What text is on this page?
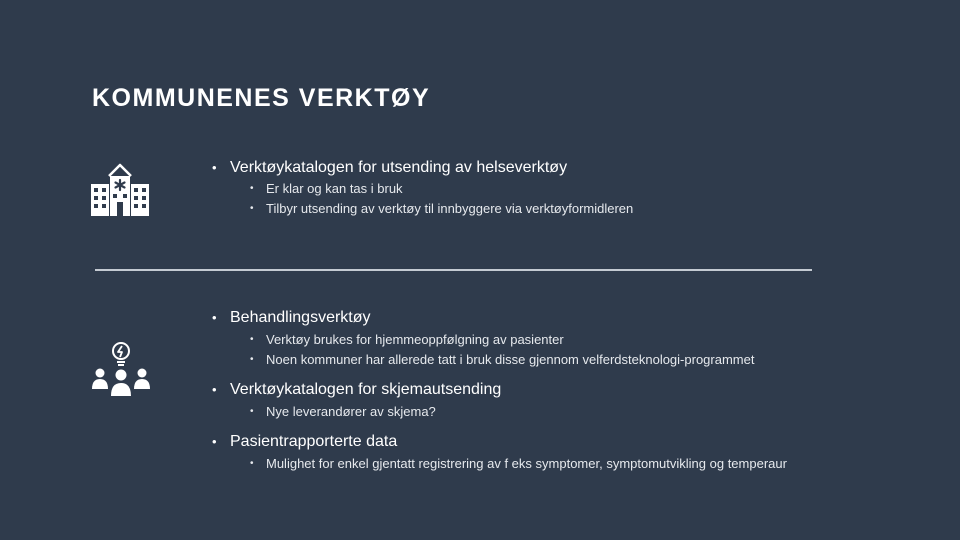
KOMMUNENES VERKTØY
• Verktøykatalogen for utsending av helseverktøy
• Er klar og kan tas i bruk
• Tilbyr utsending av verktøy til innbyggere via verktøyformidleren
• Behandlingsverktøy
• Verktøy brukes for hjemmeoppfølgning av pasienter
• Noen kommuner har allerede tatt i bruk disse gjennom velferdsteknologi-programmet
• Verktøykatalogen for skjemautsending
• Nye leverandører av skjema?
• Pasientrapporterte data
• Mulighet for enkel gjentatt registrering av f eks symptomer, symptomutvikling og temperaur
